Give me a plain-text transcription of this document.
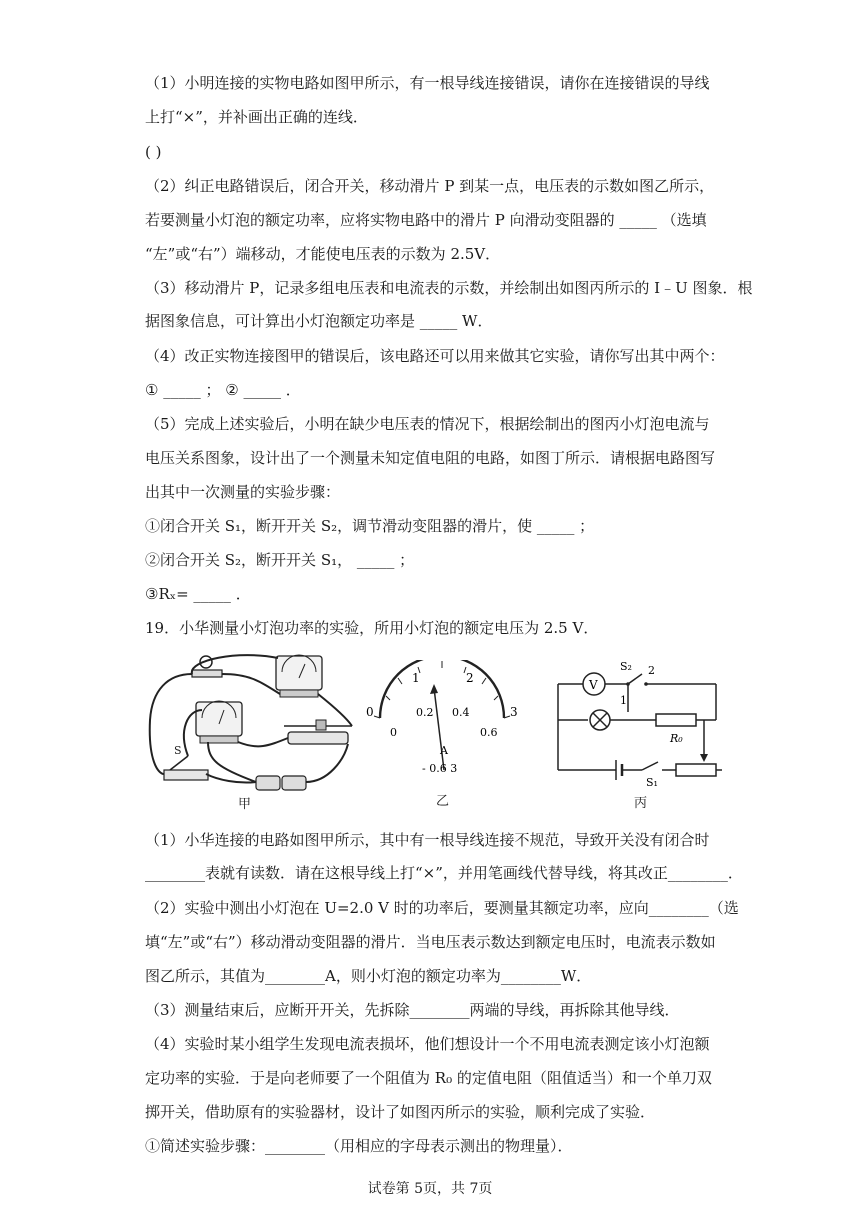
（1）小明连接的实物电路如图甲所示，有一根导线连接错误，请你在连接错误的导线
上打“×”，并补画出正确的连线．
( )
（2）纠正电路错误后，闭合开关，移动滑片 P 到某一点，电压表的示数如图乙所示，
若要测量小灯泡的额定功率，应将实物电路中的滑片 P 向滑动变阻器的 _____ （选填
“左”或“右”）端移动，才能使电压表的示数为 2.5V．
（3）移动滑片 P，记录多组电压表和电流表的示数，并绘制出如图丙所示的 I﹣U 图象．根
据图象信息，可计算出小灯泡额定功率是 _____ W．
（4）改正实物连接图甲的错误后，该电路还可以用来做其它实验，请你写出其中两个：
① _____ ； ② _____ ．
（5）完成上述实验后，小明在缺少电压表的情况下，根据绘制出的图丙小灯泡电流与
电压关系图象，设计出了一个测量未知定值电阻的电路，如图丁所示．请根据电路图写
出其中一次测量的实验步骤：
①闭合开关 S₁，断开开关 S₂，调节滑动变阻器的滑片，使 _____ ；
②闭合开关 S₂，断开开关 S₁， _____ ；
③Rₓ= _____ ．
19．小华测量小灯泡功率的实验，所用小灯泡的额定电压为 2.5 V．
S
甲
0
1	2
3
0
0.2 0.4
0.6
A
- 0.6 3
乙
V
S₂ 2
1
R₀
S₁
丙
（1）小华连接的电路如图甲所示，其中有一根导线连接不规范，导致开关没有闭合时
________表就有读数．请在这根导线上打“×”，并用笔画线代替导线，将其改正________．
（2）实验中测出小灯泡在 U=2.0 V 时的功率后，要测量其额定功率，应向________（选
填“左”或“右”）移动滑动变阻器的滑片．当电压表示数达到额定电压时，电流表示数如
图乙所示，其值为________A，则小灯泡的额定功率为________W．
（3）测量结束后，应断开开关，先拆除________两端的导线，再拆除其他导线．
（4）实验时某小组学生发现电流表损坏，他们想设计一个不用电流表测定该小灯泡额
定功率的实验．于是向老师要了一个阻值为 R₀ 的定值电阻（阻值适当）和一个单刀双
掷开关，借助原有的实验器材，设计了如图丙所示的实验，顺利完成了实验．
①简述实验步骤：________（用相应的字母表示测出的物理量）．
试卷第 5页，共 7页
